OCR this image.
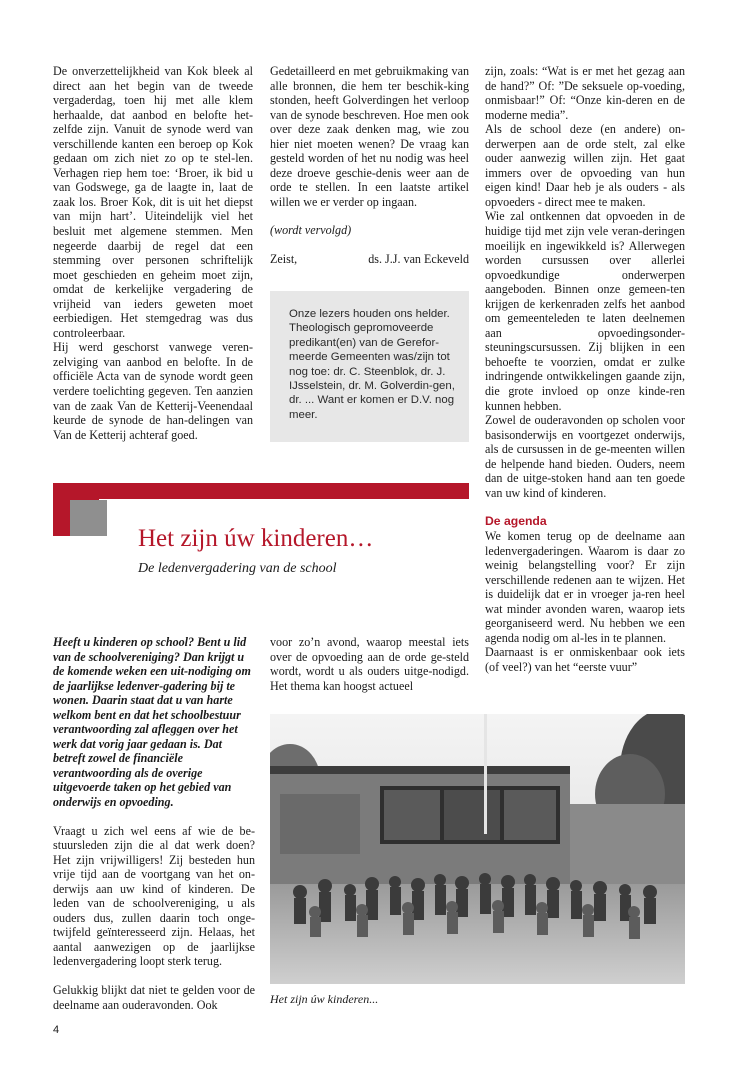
De onverzettelijkheid van Kok bleek al direct aan het begin van de tweede vergaderdag, toen hij met alle klem herhaalde, dat aanbod en belofte het-zelfde zijn. Vanuit de synode werd van verschillende kanten een beroep op Kok gedaan om zich niet zo op te stel-len. Verhagen riep hem toe: ‘Broer, ik bid u van Godswege, ga de laagte in, laat de zaak los. Broer Kok, dit is uit het diepst van mijn hart’. Uiteindelijk viel het besluit met algemene stemmen. Men negeerde daarbij de regel dat een stemming over personen schriftelijk moet geschieden en geheim moet zijn, omdat de kerkelijke vergadering de vrijheid van ieders geweten moet eerbiedigen. Het stemgedrag was dus controleerbaar.

Hij werd geschorst vanwege veren-zelviging van aanbod en belofte. In de officiële Acta van de synode wordt geen verdere toelichting gegeven. Ten aanzien van de zaak Van de Ketterij-Veenendaal keurde de synode de han-delingen van Van de Ketterij achteraf goed.

Gedetailleerd en met gebruikmaking van alle bronnen, die hem ter beschik-king stonden, heeft Golverdingen het verloop van de synode beschreven. Hoe men ook over deze zaak denken mag, wie zou hier niet moeten wenen? De vraag kan gesteld worden of het nu nodig was heel deze droeve geschie-denis weer aan de orde te stellen. In een laatste artikel willen we er verder op ingaan.

(wordt vervolgd)

Zeist,	ds. J.J. van Eckeveld
Onze lezers houden ons helder. Theologisch gepromoveerde predikant(en) van de Gerefor-meerde Gemeenten was/zijn tot nog toe: dr. C. Steenblok, dr. J. IJsselstein, dr. M. Golverdin-gen, dr. ... Want er komen er D.V. nog meer.

zijn, zoals: “Wat is er met het gezag aan de hand?” Of: ”De seksuele op-voeding, onmisbaar!” Of: “Onze kin-deren en de moderne media”.

Als de school deze (en andere) on-derwerpen aan de orde stelt, zal elke ouder aanwezig willen zijn. Het gaat immers over de opvoeding van hun eigen kind! Daar heb je als ouders - als opvoeders - direct mee te maken.

Wie zal ontkennen dat opvoeden in de huidige tijd met zijn vele veran-deringen moeilijk en ingewikkeld is? Allerwegen worden cursussen over allerlei opvoedkundige onderwerpen aangeboden. Binnen onze gemeen-ten krijgen de kerkenraden zelfs het aanbod om gemeenteleden te laten deelnemen aan opvoedingsonder-steuningscursussen. Zij blijken in een behoefte te voorzien, omdat er zulke indringende ontwikkelingen gaande zijn, die grote invloed op onze kinde-ren kunnen hebben.

Zowel de ouderavonden op scholen voor basisonderwijs en voortgezet onderwijs, als de cursussen in de ge-meenten willen de helpende hand bieden. Ouders, neem dan de uitge-stoken hand aan ten goede van uw kind of kinderen.

De agenda

We komen terug op de deelname aan ledenvergaderingen. Waarom is daar zo weinig belangstelling voor? Er zijn verschillende redenen aan te wijzen. Het is duidelijk dat er in vroeger ja-ren heel wat minder avonden waren, waarop iets georganiseerd werd. Nu hebben we een agenda nodig om al-les in te plannen.

Daarnaast is er onmiskenbaar ook iets (of veel?) van het “eerste vuur”

Het zijn úw kinderen…

De ledenvergadering van de school

Heeft u kinderen op school? Bent u lid van de schoolvereniging? Dan krijgt u de komende weken een uit-nodiging om de jaarlijkse ledenver-gadering bij te wonen. Daarin staat dat u van harte welkom bent en dat het schoolbestuur verantwoording zal afleggen over het werk dat vorig jaar gedaan is. Dat betreft zowel de financiële verantwoording als de overige uitgevoerde taken op het gebied van onderwijs en opvoeding.

Vraagt u zich wel eens af wie de be-stuursleden zijn die al dat werk doen? Het zijn vrijwilligers! Zij besteden hun vrije tijd aan de voortgang van het on-derwijs aan uw kind of kinderen. De leden van de schoolvereniging, u als ouders dus, zullen daarin toch onge-twijfeld geïnteresseerd zijn. Helaas, het aantal aanwezigen op de jaarlijkse ledenvergadering loopt sterk terug.

Gelukkig blijkt dat niet te gelden voor de deelname aan ouderavonden. Ook

voor zo’n avond, waarop meestal iets over de opvoeding aan de orde ge-steld wordt, wordt u als ouders uitge-nodigd. Het thema kan hoogst actueel

Het zijn úw kinderen...

4
